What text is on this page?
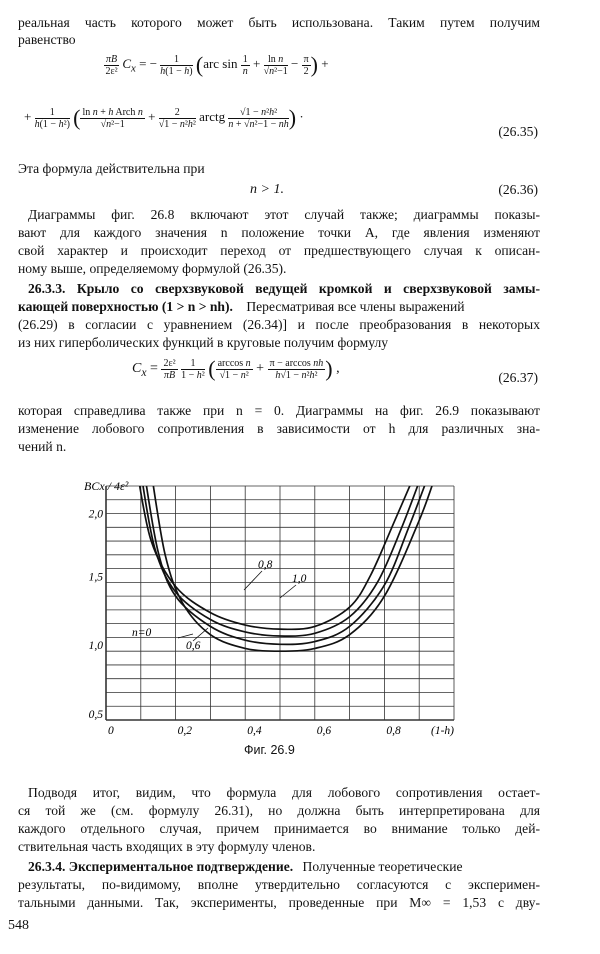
реальная часть которого может быть использована. Таким путем получим
равенство
$\frac{\pi B}{\text{2ε²}} C_x$ = − $\frac{1}{h(1 - h)} (arc$ $\sin \frac{1}{n} + \frac{\text{ln n}}{\text{√n²−1}} - \frac{\pi}{2}$ ) +
+ $\frac{1}{\text{h(1 − h²)}}$ ( $\frac{\text{ln n + h Arch n}}{\text{√n²−1}} + \frac{2}{\text{√1 − n²h²}}$ arctg $\frac{\text{√1 − n²h²}}{\text{n + √n²−1 − nh}}$ ) ·
(26.35)
Эта формула действительна при
n > 1.	(26.36)
Диаграммы фиг. 26.8 включают этот случай также; диаграммы показы-
вают для каждого значения n положение точки A, где явления изменяют
свой характер и происходит переход от предшествующего случая к описан-
ному выше, определяемому формулой (26.35).
26.3.3. Крыло со сверхзвуковой ведущей кромкой и сверхзвуковой замы-
кающей поверхностью (1 > n > nh). Пересматривая все члены выражений
(26.29) в согласии с уравнением (26.34)] и после преобразования в некоторых
из них гиперболических функций в круговые получим формулу
$C_x = \frac{\text{2ε²}}{\pi B}$
$\frac{1}{\text{1 − h²}}$ ( $\frac{\text{arccos n}}{\text{√1 − n²}} + \frac{\text{π − arccos nh}}{\text{h√1 − n²h²}}$ ) ,
(26.37)
которая справедлива также при n = 0. Диаграммы на фиг. 26.9 показывают
изменение лобового сопротивления в зависимости от h для различных зна-
чений n.
0,5
1,0
1,5
2,0
0	0,2	0,4	0,6	0,8	(1-h)
n=0
0,6
0,8
1,0
BCx / 4ε²
Фиг. 26.9
Подводя итог, видим, что формула для лобового сопротивления остает-
ся той же (см. формулу 26.31), но должна быть интерпретирована для
каждого отдельного случая, причем принимается во внимание только дей-
ствительная часть входящих в эту формулу членов.
26.3.4. Экспериментальное подтверждение. Полученные теоретические
результаты, по-видимому, вполне утвердительно согласуются с эксперимен-
тальными данными. Так, эксперименты, проведенные при M∞ = 1,53 с дву-
548
